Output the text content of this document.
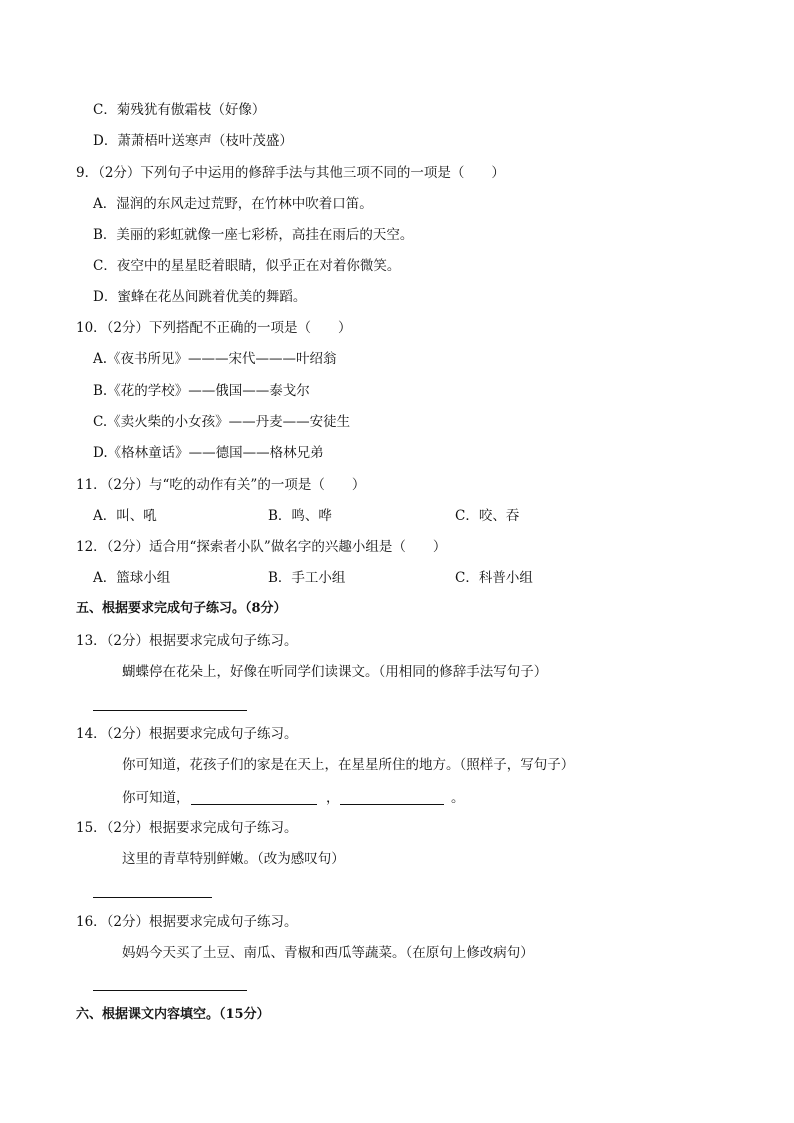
C．菊残犹有傲霜枝（好像）
D．萧萧梧叶送寒声（枝叶茂盛）
9．（2分）下列句子中运用的修辞手法与其他三项不同的一项是（　　）
A．湿润的东风走过荒野，在竹林中吹着口笛。
B．美丽的彩虹就像一座七彩桥，高挂在雨后的天空。
C．夜空中的星星眨着眼睛，似乎正在对着你微笑。
D．蜜蜂在花丛间跳着优美的舞蹈。
10．（2分）下列搭配不正确的一项是（　　）
A.《夜书所见》———宋代———叶绍翁
B.《花的学校》——俄国——泰戈尔
C.《卖火柴的小女孩》——丹麦——安徒生
D.《格林童话》——德国——格林兄弟
11．（2分）与“吃的动作有关”的一项是（　　）
A．叫、吼	B．鸣、哗	C．咬、吞
12．（2分）适合用“探索者小队”做名字的兴趣小组是（　　）
A．篮球小组	B．手工小组	C．科普小组
五、根据要求完成句子练习。（8分）
13．（2分）根据要求完成句子练习。
蝴蝶停在花朵上，好像在听同学们读课文。（用相同的修辞手法写句子）
14．（2分）根据要求完成句子练习。
你可知道，花孩子们的家是在天上，在星星所住的地方。（照样子，写句子）
你可知道，	，	。
15．（2分）根据要求完成句子练习。
这里的青草特别鲜嫩。（改为感叹句）
16．（2分）根据要求完成句子练习。
妈妈今天买了土豆、南瓜、青椒和西瓜等蔬菜。（在原句上修改病句）
六、根据课文内容填空。（15分）
